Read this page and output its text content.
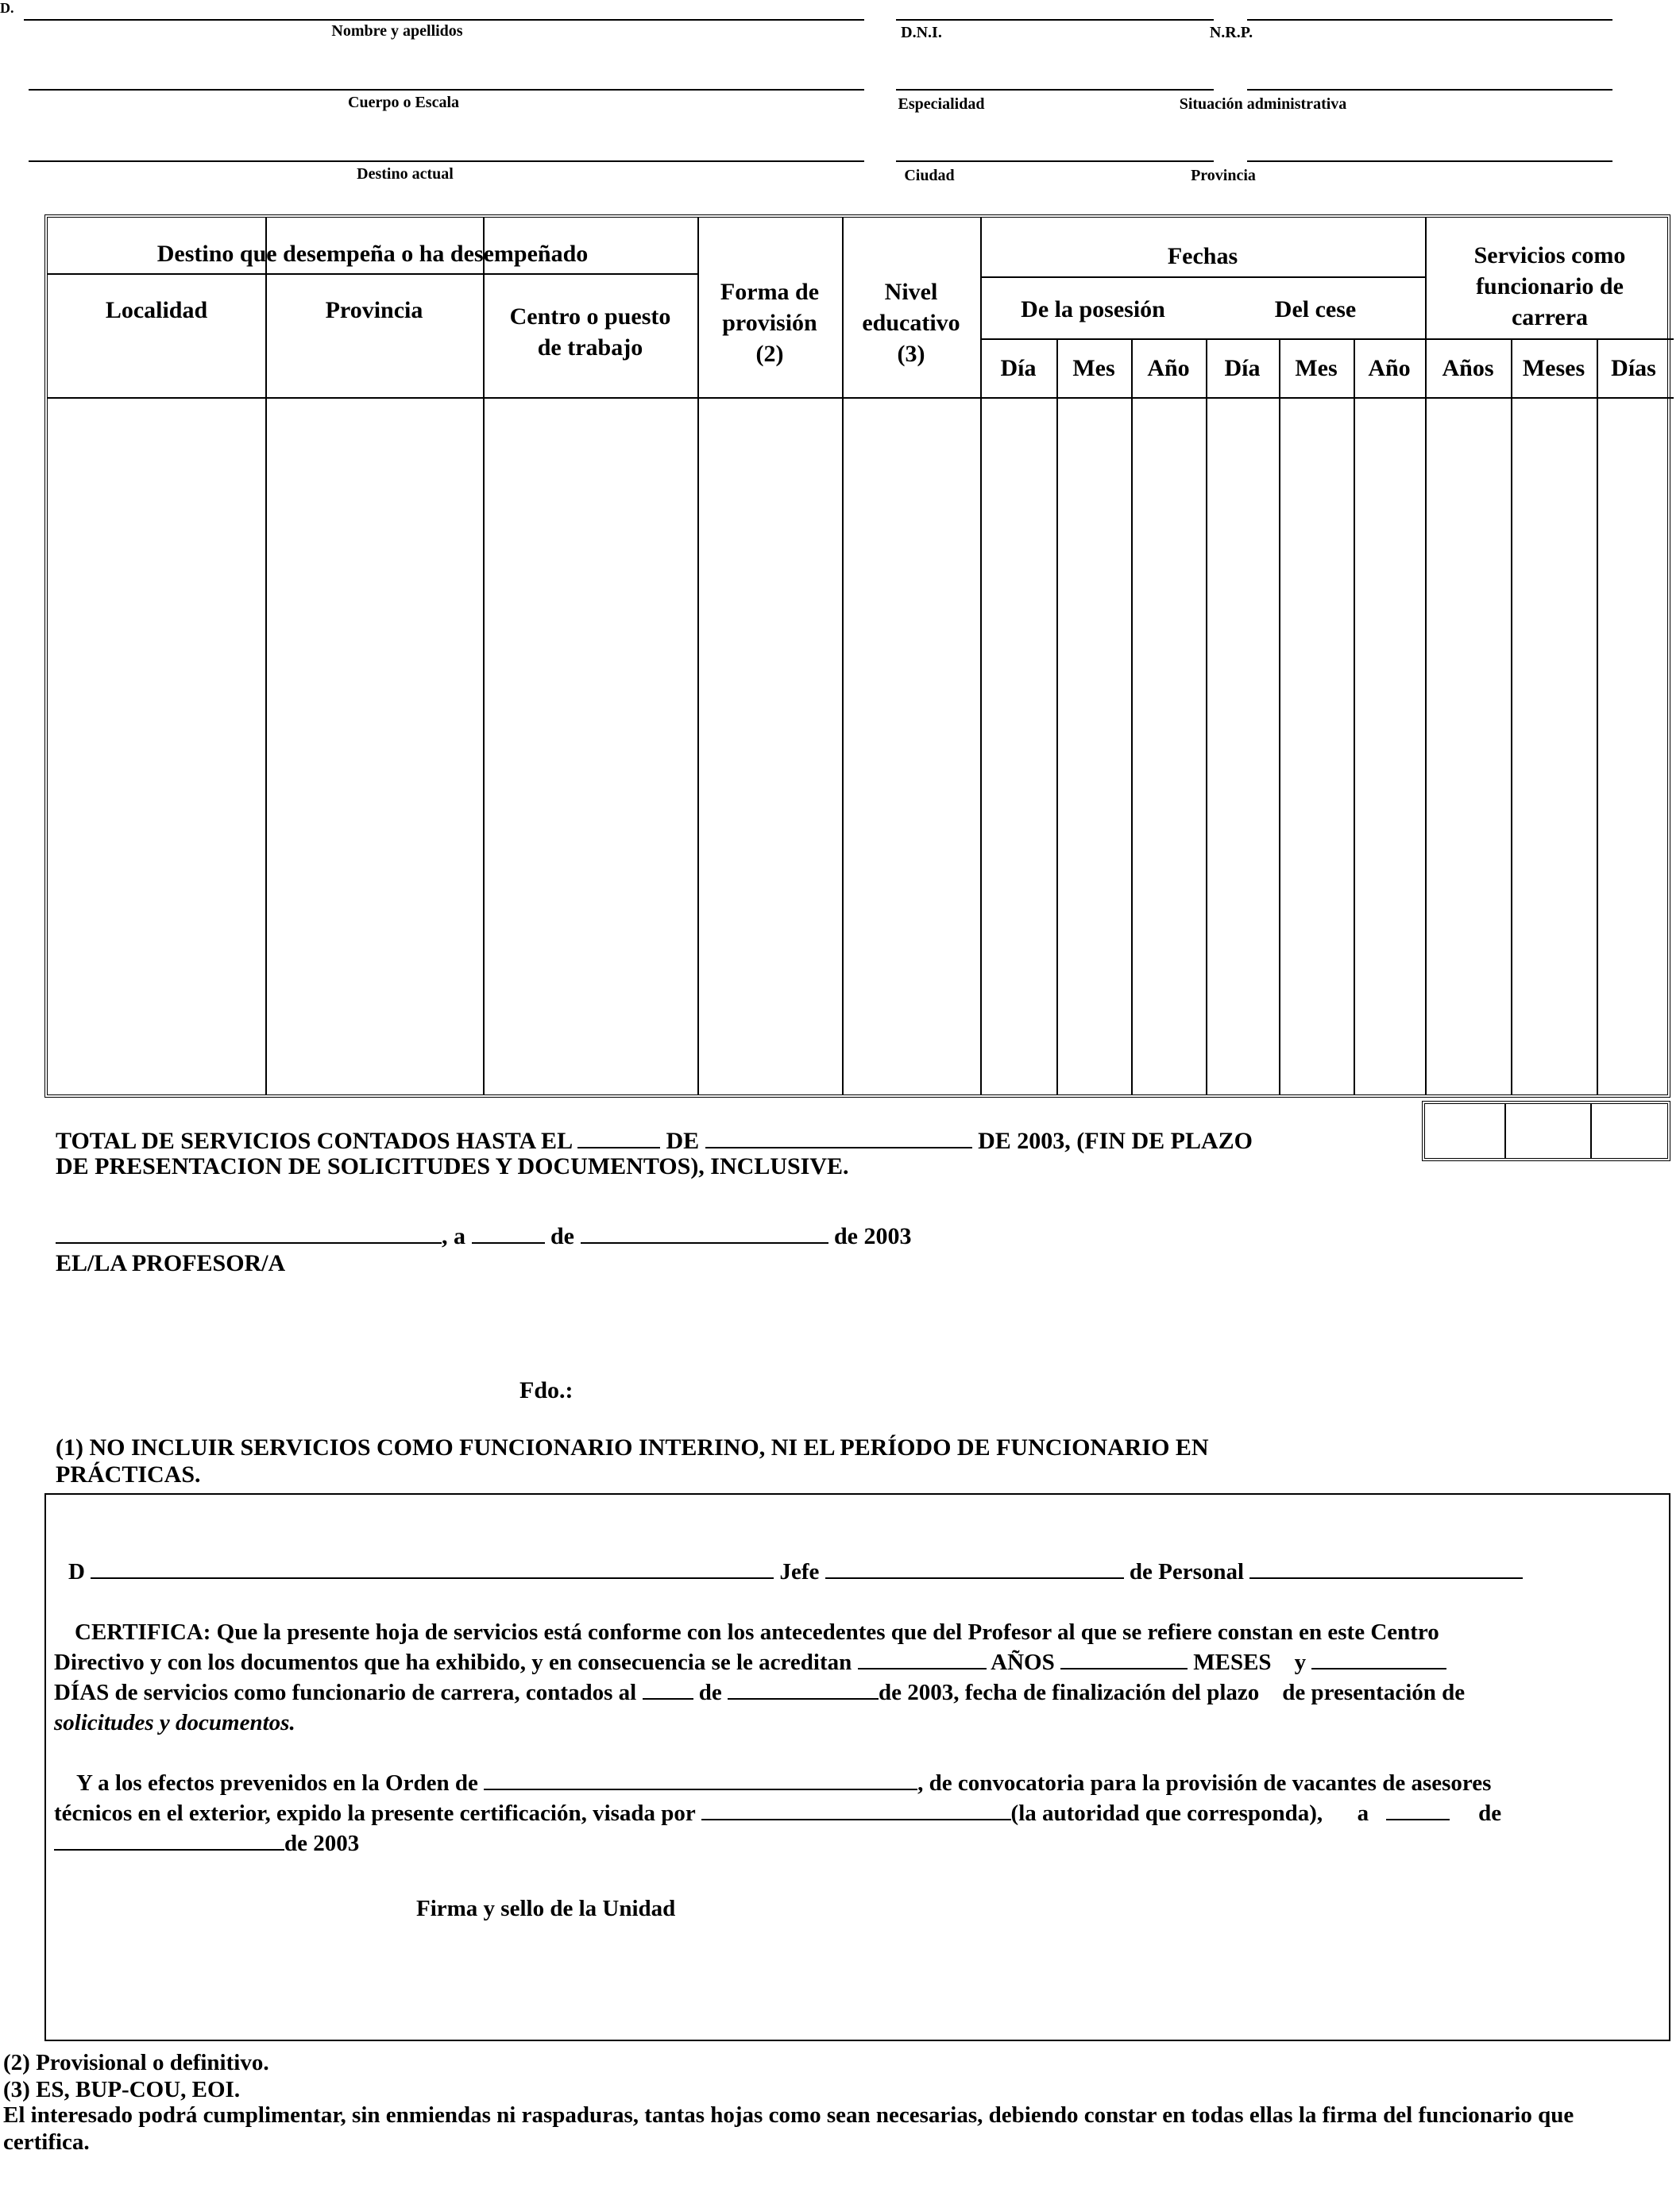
D.
Nombre y apellidos	D.N.I.	N.R.P.
Cuerpo o Escala	Especialidad	Situación administrativa
Destino actual	Ciudad	Provincia
Destino que desempeña o ha desempeñado
Localidad	Provincia	Centro o puesto de trabajo
Forma de provisión (2)
Nivel educativo (3)
Fechas
De la posesión	Del cese
Servicios como funcionario de carrera
Día	Mes	Año	Día	Mes	Año	Años	Meses	Días
TOTAL DE SERVICIOS CONTADOS HASTA EL	DE	DE 2003, (FIN DE PLAZO
DE PRESENTACION DE SOLICITUDES Y DOCUMENTOS), INCLUSIVE.
, a	de	de 2003
EL/LA PROFESOR/A
Fdo.:
(1) NO INCLUIR SERVICIOS COMO FUNCIONARIO INTERINO, NI EL PERÍODO DE FUNCIONARIO EN PRÁCTICAS.
D	Jefe	de Personal
CERTIFICA: Que la presente hoja de servicios está conforme con los antecedentes que del Profesor al que se refiere constan en este Centro
Directivo y con los documentos que ha exhibido, y en consecuencia se le acreditan	AÑOS	MESES y
DÍAS de servicios como funcionario de carrera, contados al	de	de 2003, fecha de finalización del plazo de presentación de
solicitudes y documentos.
Y a los efectos prevenidos en la Orden de	, de convocatoria para la provisión de vacantes de asesores
técnicos en el exterior, expido la presente certificación, visada por	(la autoridad que corresponda), a	de
de 2003
Firma y sello de la Unidad
(2) Provisional o definitivo.
(3) ES, BUP-COU, EOI.
El interesado podrá cumplimentar, sin enmiendas ni raspaduras, tantas hojas como sean necesarias, debiendo constar en todas ellas la firma del funcionario que certifica.
